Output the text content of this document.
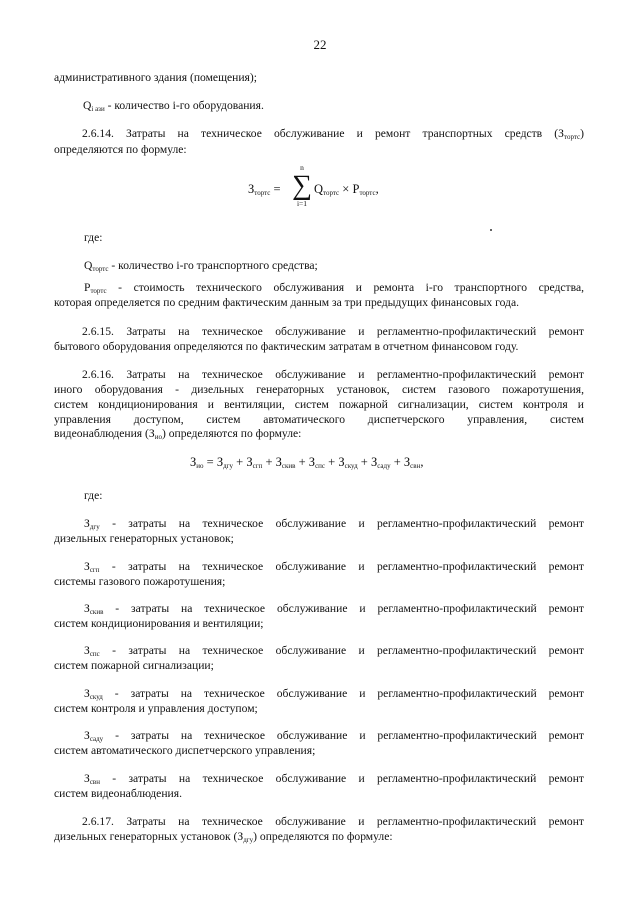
22
административного здания (помещения);
$Q_{i ази}$ - количество i-го оборудования.
2.6.14. Затраты на техническое обслуживание и ремонт транспортных средств $(З_{тортс})$
определяются по формуле:
$З_{тортс}$ =
n
∑
i=1
$Q_{тортс} \times P_{тортс}$,
где:
$Q_{тортс}$ - количество i-го транспортного средства;
$P_{тортс}$ - стоимость технического обслуживания и ремонта i-го транспортного средства,
которая определяется по средним фактическим данным за три предыдущих финансовых года.
2.6.15. Затраты на техническое обслуживание и регламентно-профилактический ремонт
бытового оборудования определяются по фактическим затратам в отчетном финансовом году.
2.6.16. Затраты на техническое обслуживание и регламентно-профилактический ремонт
иного оборудования - дизельных генераторных установок, систем газового пожаротушения,
систем кондиционирования и вентиляции, систем пожарной сигнализации, систем контроля и
управления доступом, систем автоматического диспетчерского управления, систем
видеонаблюдения $(З_{ио})$ определяются по формуле:
$З_{ио} = З_{дгу} + З_{сгп} + З_{скив} + З_{спс} + З_{скуд} + З_{саду} + З_{свн}$,
где:
$З_{дгу}$ - затраты на техническое обслуживание и регламентно-профилактический ремонт
дизельных генераторных установок;
$З_{сгп}$ - затраты на техническое обслуживание и регламентно-профилактический ремонт
системы газового пожаротушения;
$З_{скив}$ - затраты на техническое обслуживание и регламентно-профилактический ремонт
систем кондиционирования и вентиляции;
$З_{спс}$ - затраты на техническое обслуживание и регламентно-профилактический ремонт
систем пожарной сигнализации;
$З_{скуд}$ - затраты на техническое обслуживание и регламентно-профилактический ремонт
систем контроля и управления доступом;
$З_{саду}$ - затраты на техническое обслуживание и регламентно-профилактический ремонт
систем автоматического диспетчерского управления;
$З_{свн}$ - затраты на техническое обслуживание и регламентно-профилактический ремонт
систем видеонаблюдения.
2.6.17. Затраты на техническое обслуживание и регламентно-профилактический ремонт
дизельных генераторных установок $(З_{дгу})$ определяются по формуле:
